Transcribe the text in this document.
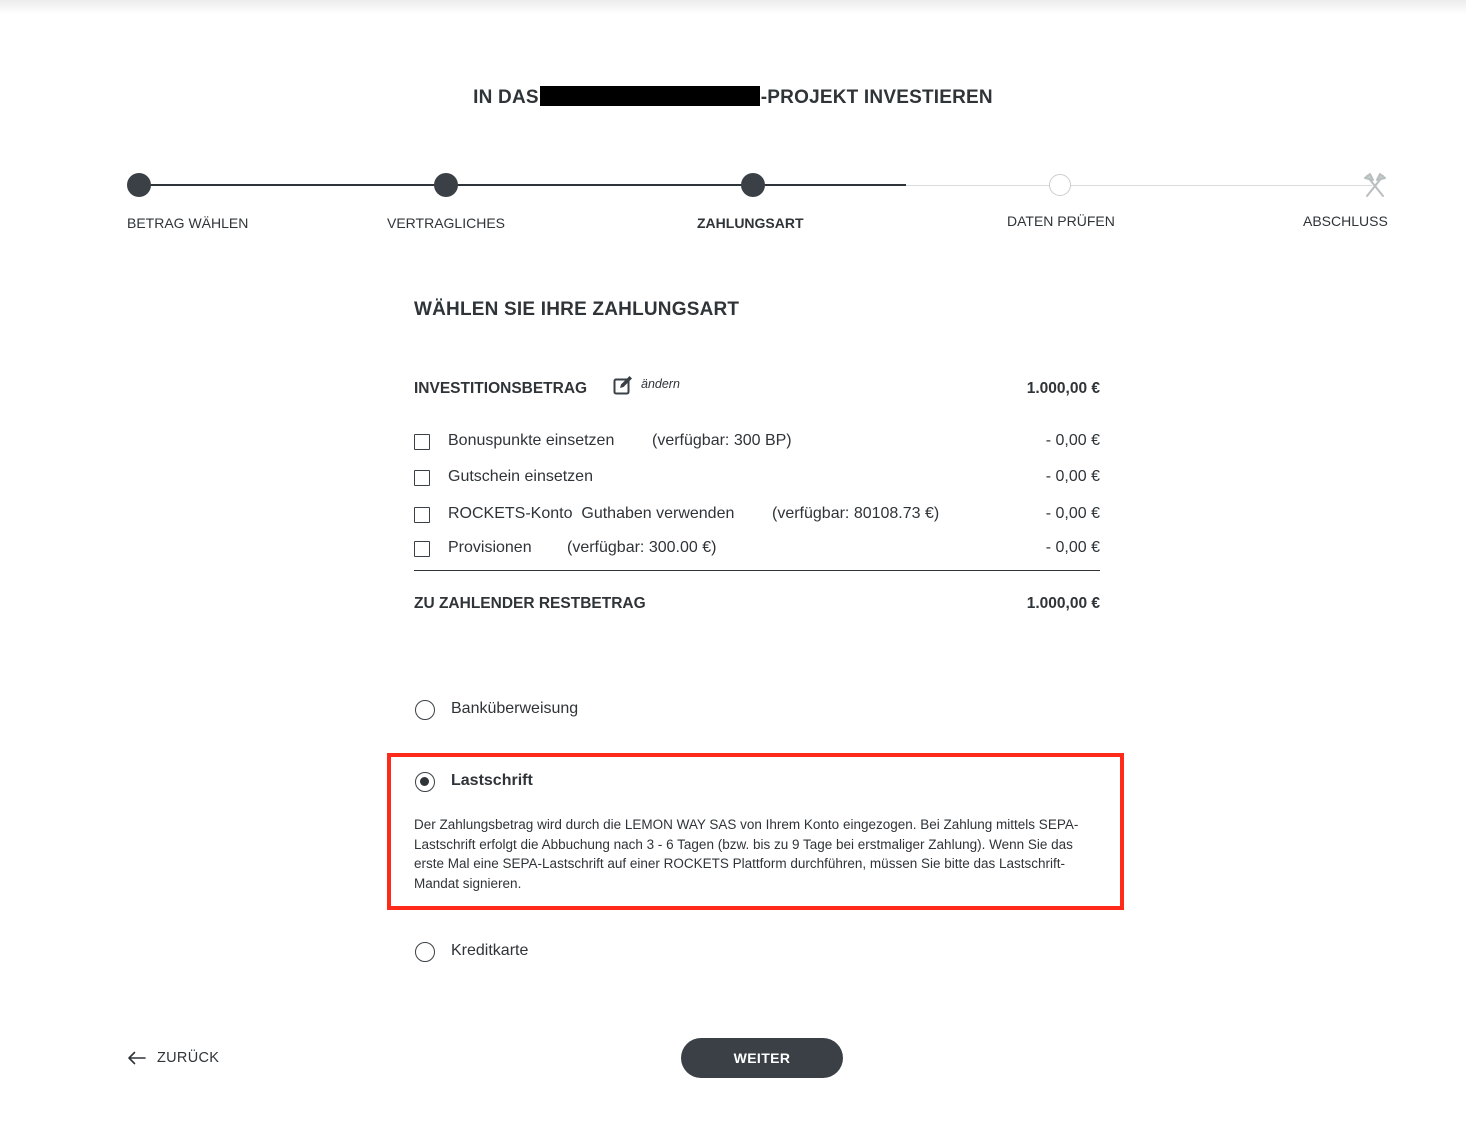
IN DAS	-PROJEKT INVESTIEREN
BETRAG WÄHLEN	VERTRAGLICHES	ZAHLUNGSART	DATEN PRÜFEN	ABSCHLUSS
WÄHLEN SIE IHRE ZAHLUNGSART
INVESTITIONSBETRAG	ändern	1.000,00 €
Bonuspunkte einsetzen (verfügbar: 300 BP)	- 0,00 €
Gutschein einsetzen	- 0,00 €
ROCKETS-Konto  Guthaben verwenden (verfügbar: 80108.73 €)	- 0,00 €
Provisionen (verfügbar: 300.00 €)	- 0,00 €
ZU ZAHLENDER RESTBETRAG	1.000,00 €
Banküberweisung
Lastschrift

Der Zahlungsbetrag wird durch die LEMON WAY SAS von Ihrem Konto eingezogen. Bei Zahlung mittels SEPA-Lastschrift erfolgt die Abbuchung nach 3 - 6 Tagen (bzw. bis zu 9 Tage bei erstmaliger Zahlung). Wenn Sie das erste Mal eine SEPA-Lastschrift auf einer ROCKETS Plattform durchführen, müssen Sie bitte das Lastschrift-Mandat signieren.

Kreditkarte
ZURÜCK	WEITER
